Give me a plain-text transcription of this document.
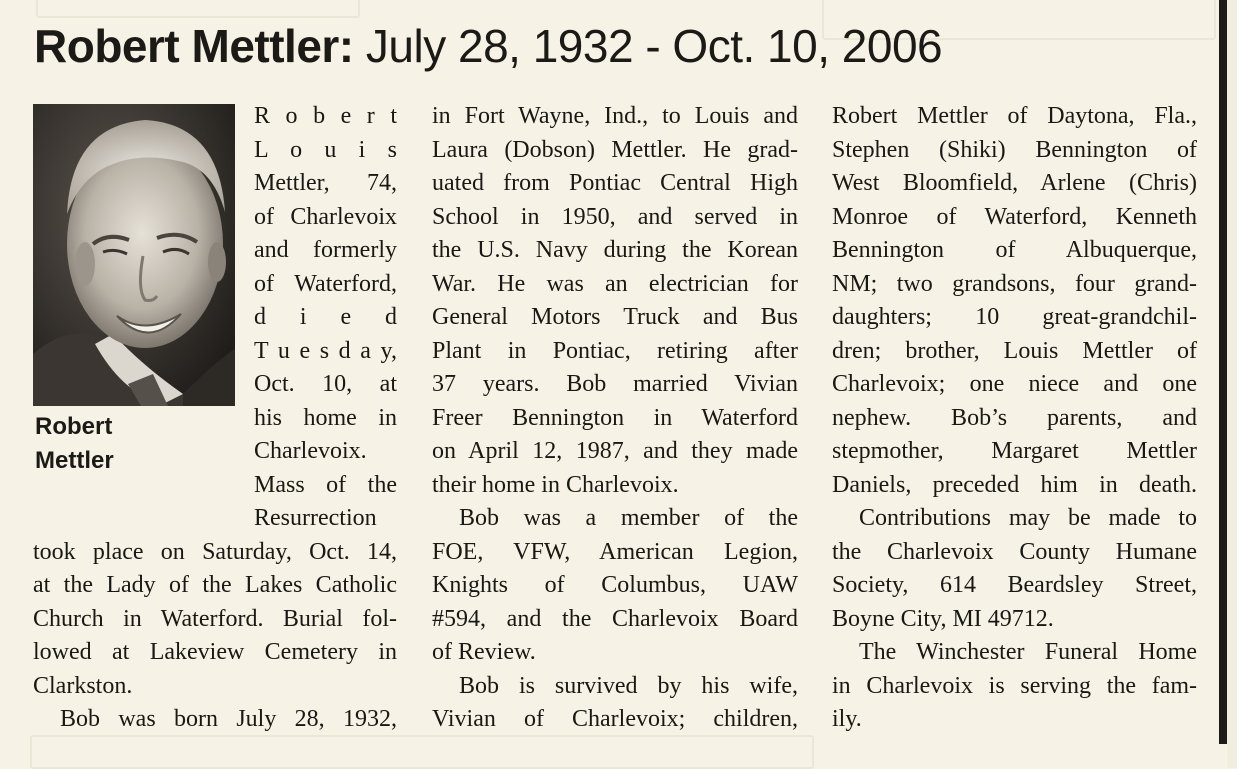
Robert Mettler: July 28, 1932 - Oct. 10, 2006
Robert
Mettler
R o b e r t
L o u i s
Mettler, 74,
of Charlevoix
and formerly
of Waterford,
d i e d
T u e s d a y,
Oct. 10, at
his home in
Charlevoix.
Mass of the
Resurrection
took place on Saturday, Oct. 14,
at the Lady of the Lakes Catholic
Church in Waterford. Burial fol-
lowed at Lakeview Cemetery in
Clarkston.
Bob was born July 28, 1932,
in Fort Wayne, Ind., to Louis and
Laura (Dobson) Mettler. He grad-
uated from Pontiac Central High
School in 1950, and served in
the U.S. Navy during the Korean
War. He was an electrician for
General Motors Truck and Bus
Plant in Pontiac, retiring after
37 years. Bob married Vivian
Freer Bennington in Waterford
on April 12, 1987, and they made
their home in Charlevoix.
Bob was a member of the
FOE, VFW, American Legion,
Knights of Columbus, UAW
#594, and the Charlevoix Board
of Review.
Bob is survived by his wife,
Vivian of Charlevoix; children,
Robert Mettler of Daytona, Fla.,
Stephen (Shiki) Bennington of
West Bloomfield, Arlene (Chris)
Monroe of Waterford, Kenneth
Bennington of Albuquerque,
NM; two grandsons, four grand-
daughters; 10 great-grandchil-
dren; brother, Louis Mettler of
Charlevoix; one niece and one
nephew. Bob’s parents, and
stepmother, Margaret Mettler
Daniels, preceded him in death.
Contributions may be made to
the Charlevoix County Humane
Society, 614 Beardsley Street,
Boyne City, MI 49712.
The Winchester Funeral Home
in Charlevoix is serving the fam-
ily.
